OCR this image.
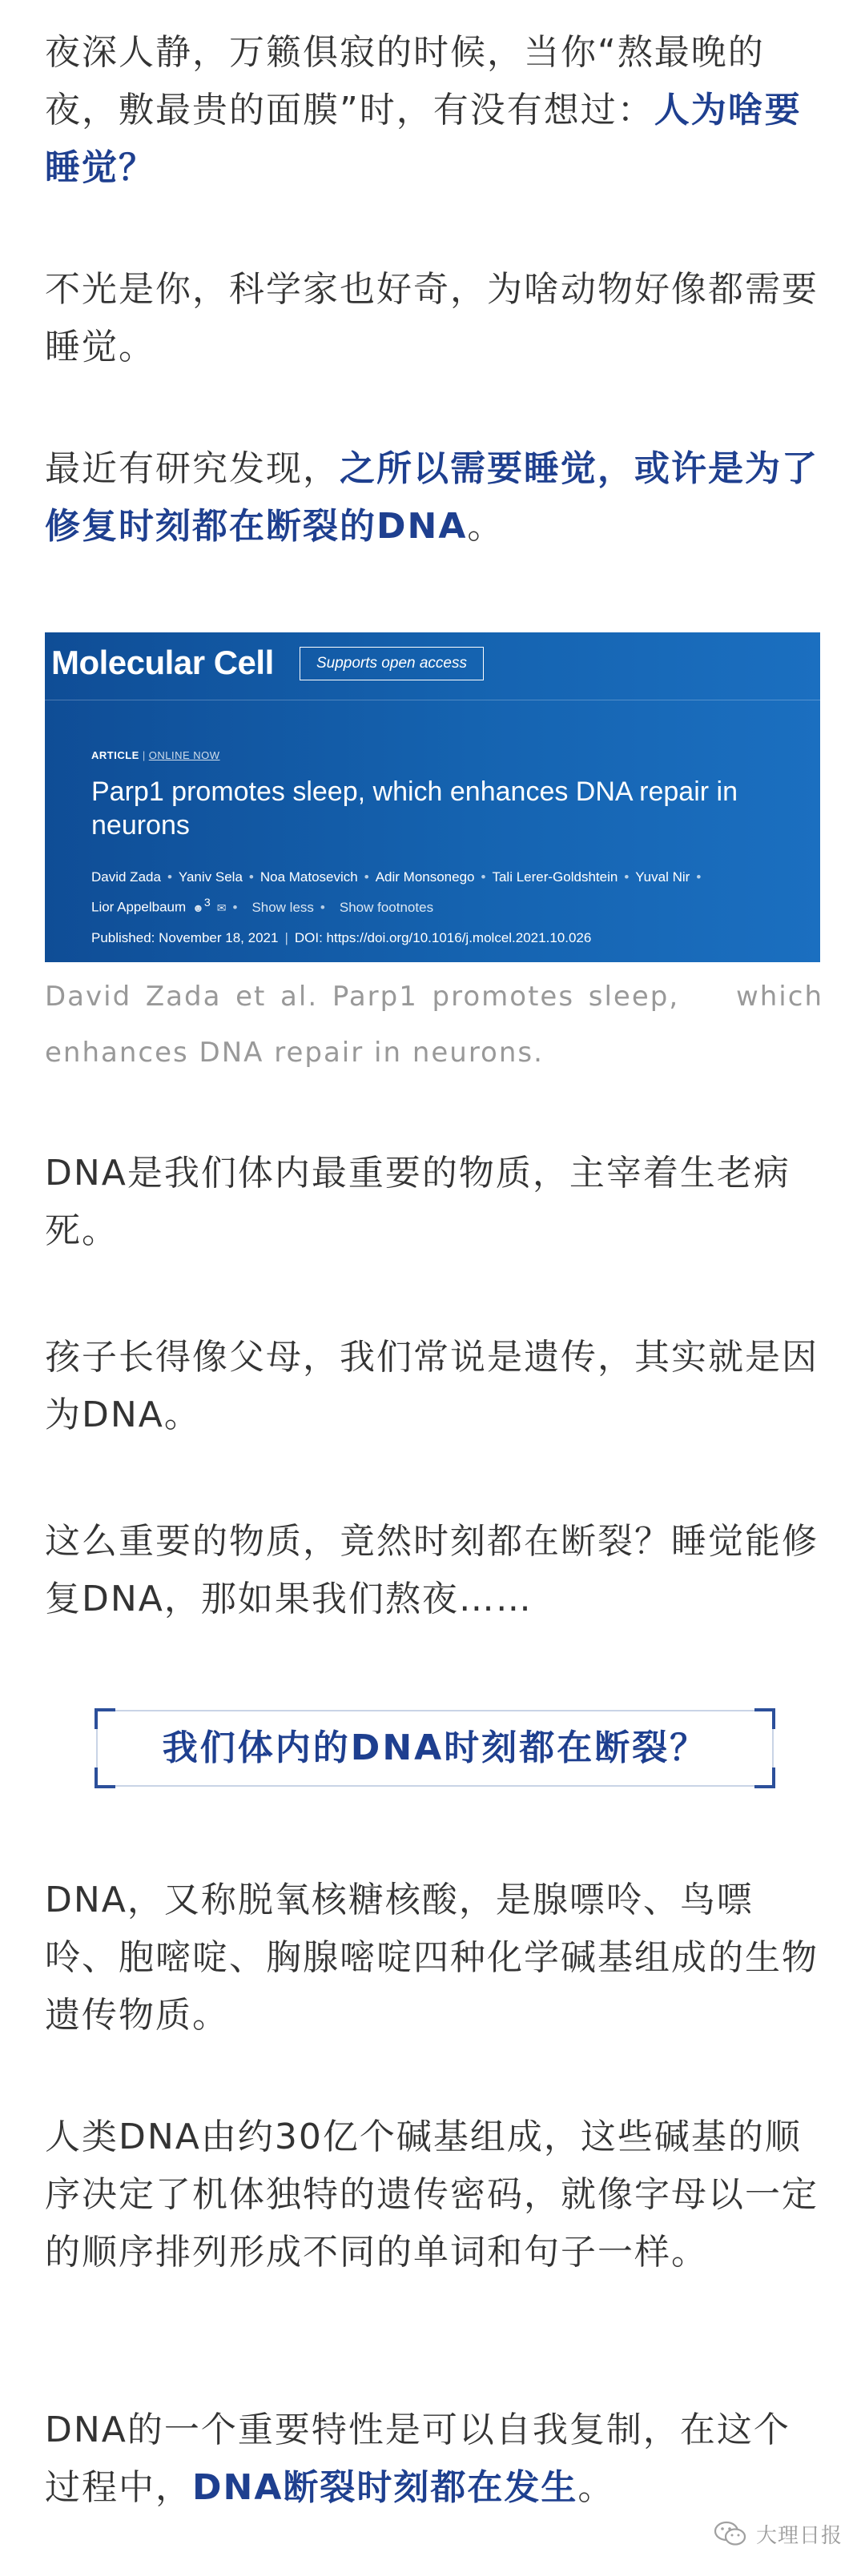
夜深人静，万籁俱寂的时候，当你“熬最晚的夜，敷最贵的面膜”时，有没有想过：人为啥要睡觉？

不光是你，科学家也好奇，为啥动物好像都需要睡觉。

最近有研究发现，之所以需要睡觉，或许是为了修复时刻都在断裂的DNA。

Molecular Cell	Supports open access
ARTICLE | ONLINE NOW
Parp1 promotes sleep, which enhances DNA repair in neurons
David Zada • Yaniv Sela • Noa Matosevich • Adir Monsonego • Tali Lerer-Goldshtein • Yuval Nir •
Lior Appelbaum ☻$^3$ ✉ • Show less • Show footnotes
Published: November 18, 2021 | DOI: https://doi.org/10.1016/j.molcel.2021.10.026

David Zada et al. Parp1 promotes sleep,    which enhances DNA repair in neurons.

DNA是我们体内最重要的物质，主宰着生老病死。

孩子长得像父母，我们常说是遗传，其实就是因为DNA。

这么重要的物质，竟然时刻都在断裂？睡觉能修复DNA，那如果我们熬夜……

我们体内的DNA时刻都在断裂？

DNA，又称脱氧核糖核酸，是腺嘌呤、鸟嘌呤、胞嘧啶、胸腺嘧啶四种化学碱基组成的生物遗传物质。

人类DNA由约30亿个碱基组成，这些碱基的顺序决定了机体独特的遗传密码，就像字母以一定的顺序排列形成不同的单词和句子一样。

DNA的一个重要特性是可以自我复制，在这个过程中，DNA断裂时刻都在发生。

大理日报
